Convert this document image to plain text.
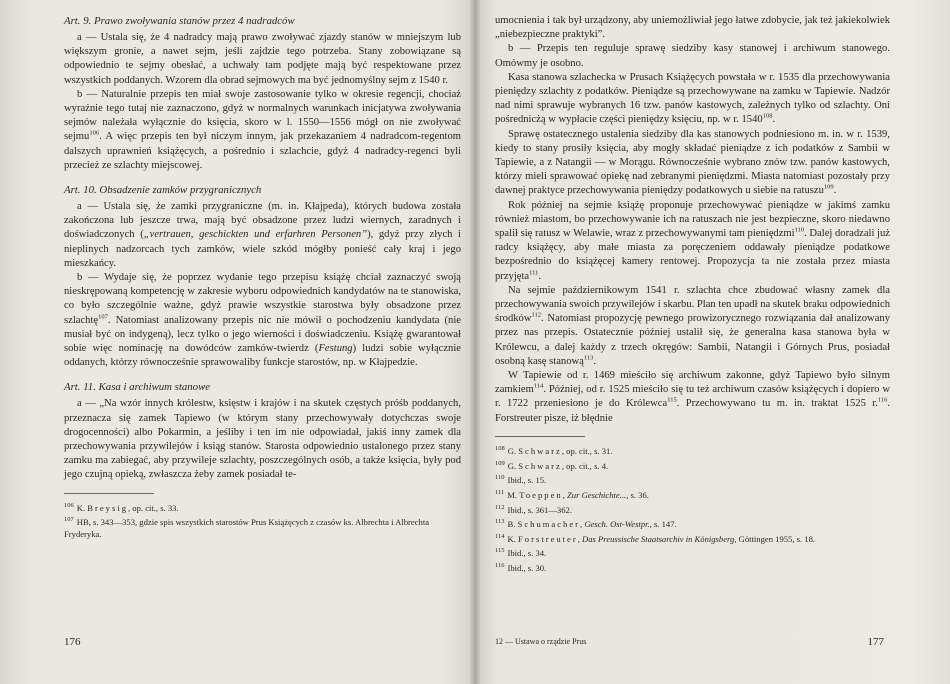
Art. 9. Prawo zwoływania stanów przez 4 nadradców

a — Ustala się, że 4 nadradcy mają prawo zwoływać zjazdy stanów w mniejszym lub większym gronie, a nawet sejm, jeśli zajdzie tego potrzeba. Stany zobowiązane są odpowiednio te sejmy obesłać, a uchwały tam podjęte mają być respektowane przez wszystkich poddanych. Wzorem dla obrad sejmowych ma być jednomyślny sejm z 1540 r.

b — Naturalnie przepis ten miał swoje zastosowanie tylko w okresie regencji, chociaż wyraźnie tego tutaj nie zaznaczono, gdyż w normalnych warunkach inicjatywa zwoływania sejmów należała wyłącznie do księcia, skoro w l. 1550—1556 mógł on nie zwoływać sejmu$^{106}$. A więc przepis ten był niczym innym, jak przekazaniem 4 nadradcom-regentom dalszych uprawnień książęcych, a pośrednio i szlachcie, gdyż 4 nadradcy-regenci byli przecież ze szlachty miejscowej.

Art. 10. Obsadzenie zamków przygranicznych

a — Ustala się, że zamki przygraniczne (m. in. Kłajpeda), których budowa została zakończona lub jeszcze trwa, mają być obsadzone przez ludzi wiernych, zaradnych i doświadczonych („vertrauen, geschickten und erfarhren Personen”), gdyż przy złych i nieplinych nadzorcach tych zamków, wiele szkód mógłby ponieść cały kraj i jego mieszkańcy.

b — Wydaje się, że poprzez wydanie tego przepisu książę chciał zaznaczyć swoją nieskrępowaną kompetencję w zakresie wyboru odpowiednich kandydatów na te stanowiska, co było szczególnie ważne, gdyż prawie wszystkie starostwa były obsadzone przez szlachtę$^{107}$. Natomiast analizowany przepis nic nie mówił o pochodzeniu kandydata (nie musiał być on indygeną), lecz tylko o jego wierności i doświadczeniu. Książę gwarantował sobie więc nominację na dowódców zamków-twierdz (Festung) ludzi sobie wyłącznie oddanych, którzy równocześnie sprawowaliby funkcje starostów, np. w Kłajpedzie.

Art. 11. Kasa i archiwum stanowe

a — „Na wzór innych królestw, księstw i krajów i na skutek częstych próśb poddanych, przeznacza się zamek Tapiewo (w którym stany przechowywały dotychczas swoje drogocenności) albo Pokarmin, a jeśliby i ten im nie odpowiadał, jakiś inny zamek dla przechowywania przywilejów i ksiąg stanów. Starosta odpowiednio ustalonego przez stany zamku ma zabiegać, aby przywileje szlachty, poszczególnych osób, a także księcia, były pod jego czujną opieką, zwłaszcza żeby zamek posiadał te-

$^{106}$ K. Breysig, op. cit., s. 33.

$^{107}$ HB, s. 343—353, gdzie spis wszystkich starostów Prus Książęcych z czasów ks. Albrechta i Albrechta Fryderyka.

176

umocnienia i tak był urządzony, aby uniemożliwiał jego łatwe zdobycie, jak też jakiekolwiek „niebezpieczne praktyki”.

b — Przepis ten reguluje sprawę siedziby kasy stanowej i archiwum stanowego. Omówmy je osobno.

Kasa stanowa szlachecka w Prusach Książęcych powstała w r. 1535 dla przechowywania pieniędzy szlachty z podatków. Pieniądze są przechowywane na zamku w Tapiewie. Nadzór nad nimi sprawuje wybranych 16 tzw. panów kastowych, zależnych tylko od szlachty. Oni pośrednicżą w wypłacie części pieniędzy księciu, np. w r. 1540$^{108}$.

Sprawę ostatecznego ustalenia siedziby dla kas stanowych podniesiono m. in. w r. 1539, kiedy to stany prosiły księcia, aby mogły składać pieniądze z ich podatków z Sambii w Tapiewie, a z Natangii — w Morągu. Równocześnie wybrano znów tzw. panów kastowych, którzy mieli sprawować opiekę nad zebranymi pieniędzmi. Miasta natomiast pozostały przy dawnej praktyce przechowywania pieniędzy podatkowych u siebie na ratuszu$^{109}$.

Rok później na sejmie książę proponuje przechowywać pieniądze w jakimś zamku również miastom, bo przechowywanie ich na ratuszach nie jest bezpieczne, skoro niedawno spalił się ratusz w Welawie, wraz z przechowywanymi tam pieniędzmi$^{110}$. Dalej doradzali już radcy książęcy, aby małe miasta za poręczeniem oddawały pieniądze podatkowe bezpośrednio do książęcej kamery rentowej. Propozycja ta nie została przez miasta przyjęta$^{111}$.

Na sejmie październikowym 1541 r. szlachta chce zbudować własny zamek dla przechowywania swoich przywilejów i skarbu. Plan ten upadł na skutek braku odpowiednich środków$^{112}$. Natomiast propozycję pewnego prowizorycznego rozwiązania dał analizowany przez nas przepis. Ostatecznie później ustalił się, że generalna kasa stanowa była w Królewcu, a dalej każdy z trzech okręgów: Sambii, Natangii i Górnych Prus, posiadał osobną kasę stanową$^{113}$.

W Tapiewie od r. 1469 mieściło się archiwum zakonne, gdyż Tapiewo było silnym zamkiem$^{114}$. Później, od r. 1525 mieściło się tu też archiwum czasów książęcych i dopiero w r. 1722 przeniesiono je do Królewca$^{115}$. Przechowywano tu m. in. traktat 1525 r.$^{116}$. Forstreuter pisze, iż błędnie

$^{108}$ G. Schwarz, op. cit., s. 31.

$^{109}$ G. Schwarz, op. cit., s. 4.

$^{110}$ Ibid., s. 15.

$^{111}$ M. Toeppen, Zur Geschichte..., s. 36.

$^{112}$ Ibid., s. 361—362.

$^{113}$ B. Schumacher, Gesch. Ost-Westpr., s. 147.

$^{114}$ K. Forstreuter, Das Preussische Staatsarchiv in Königsberg, Göttingen 1955, s. 18.

$^{115}$ Ibid., s. 34.

$^{116}$ Ibid., s. 30.

12 — Ustawa o rządzie Prus	177
